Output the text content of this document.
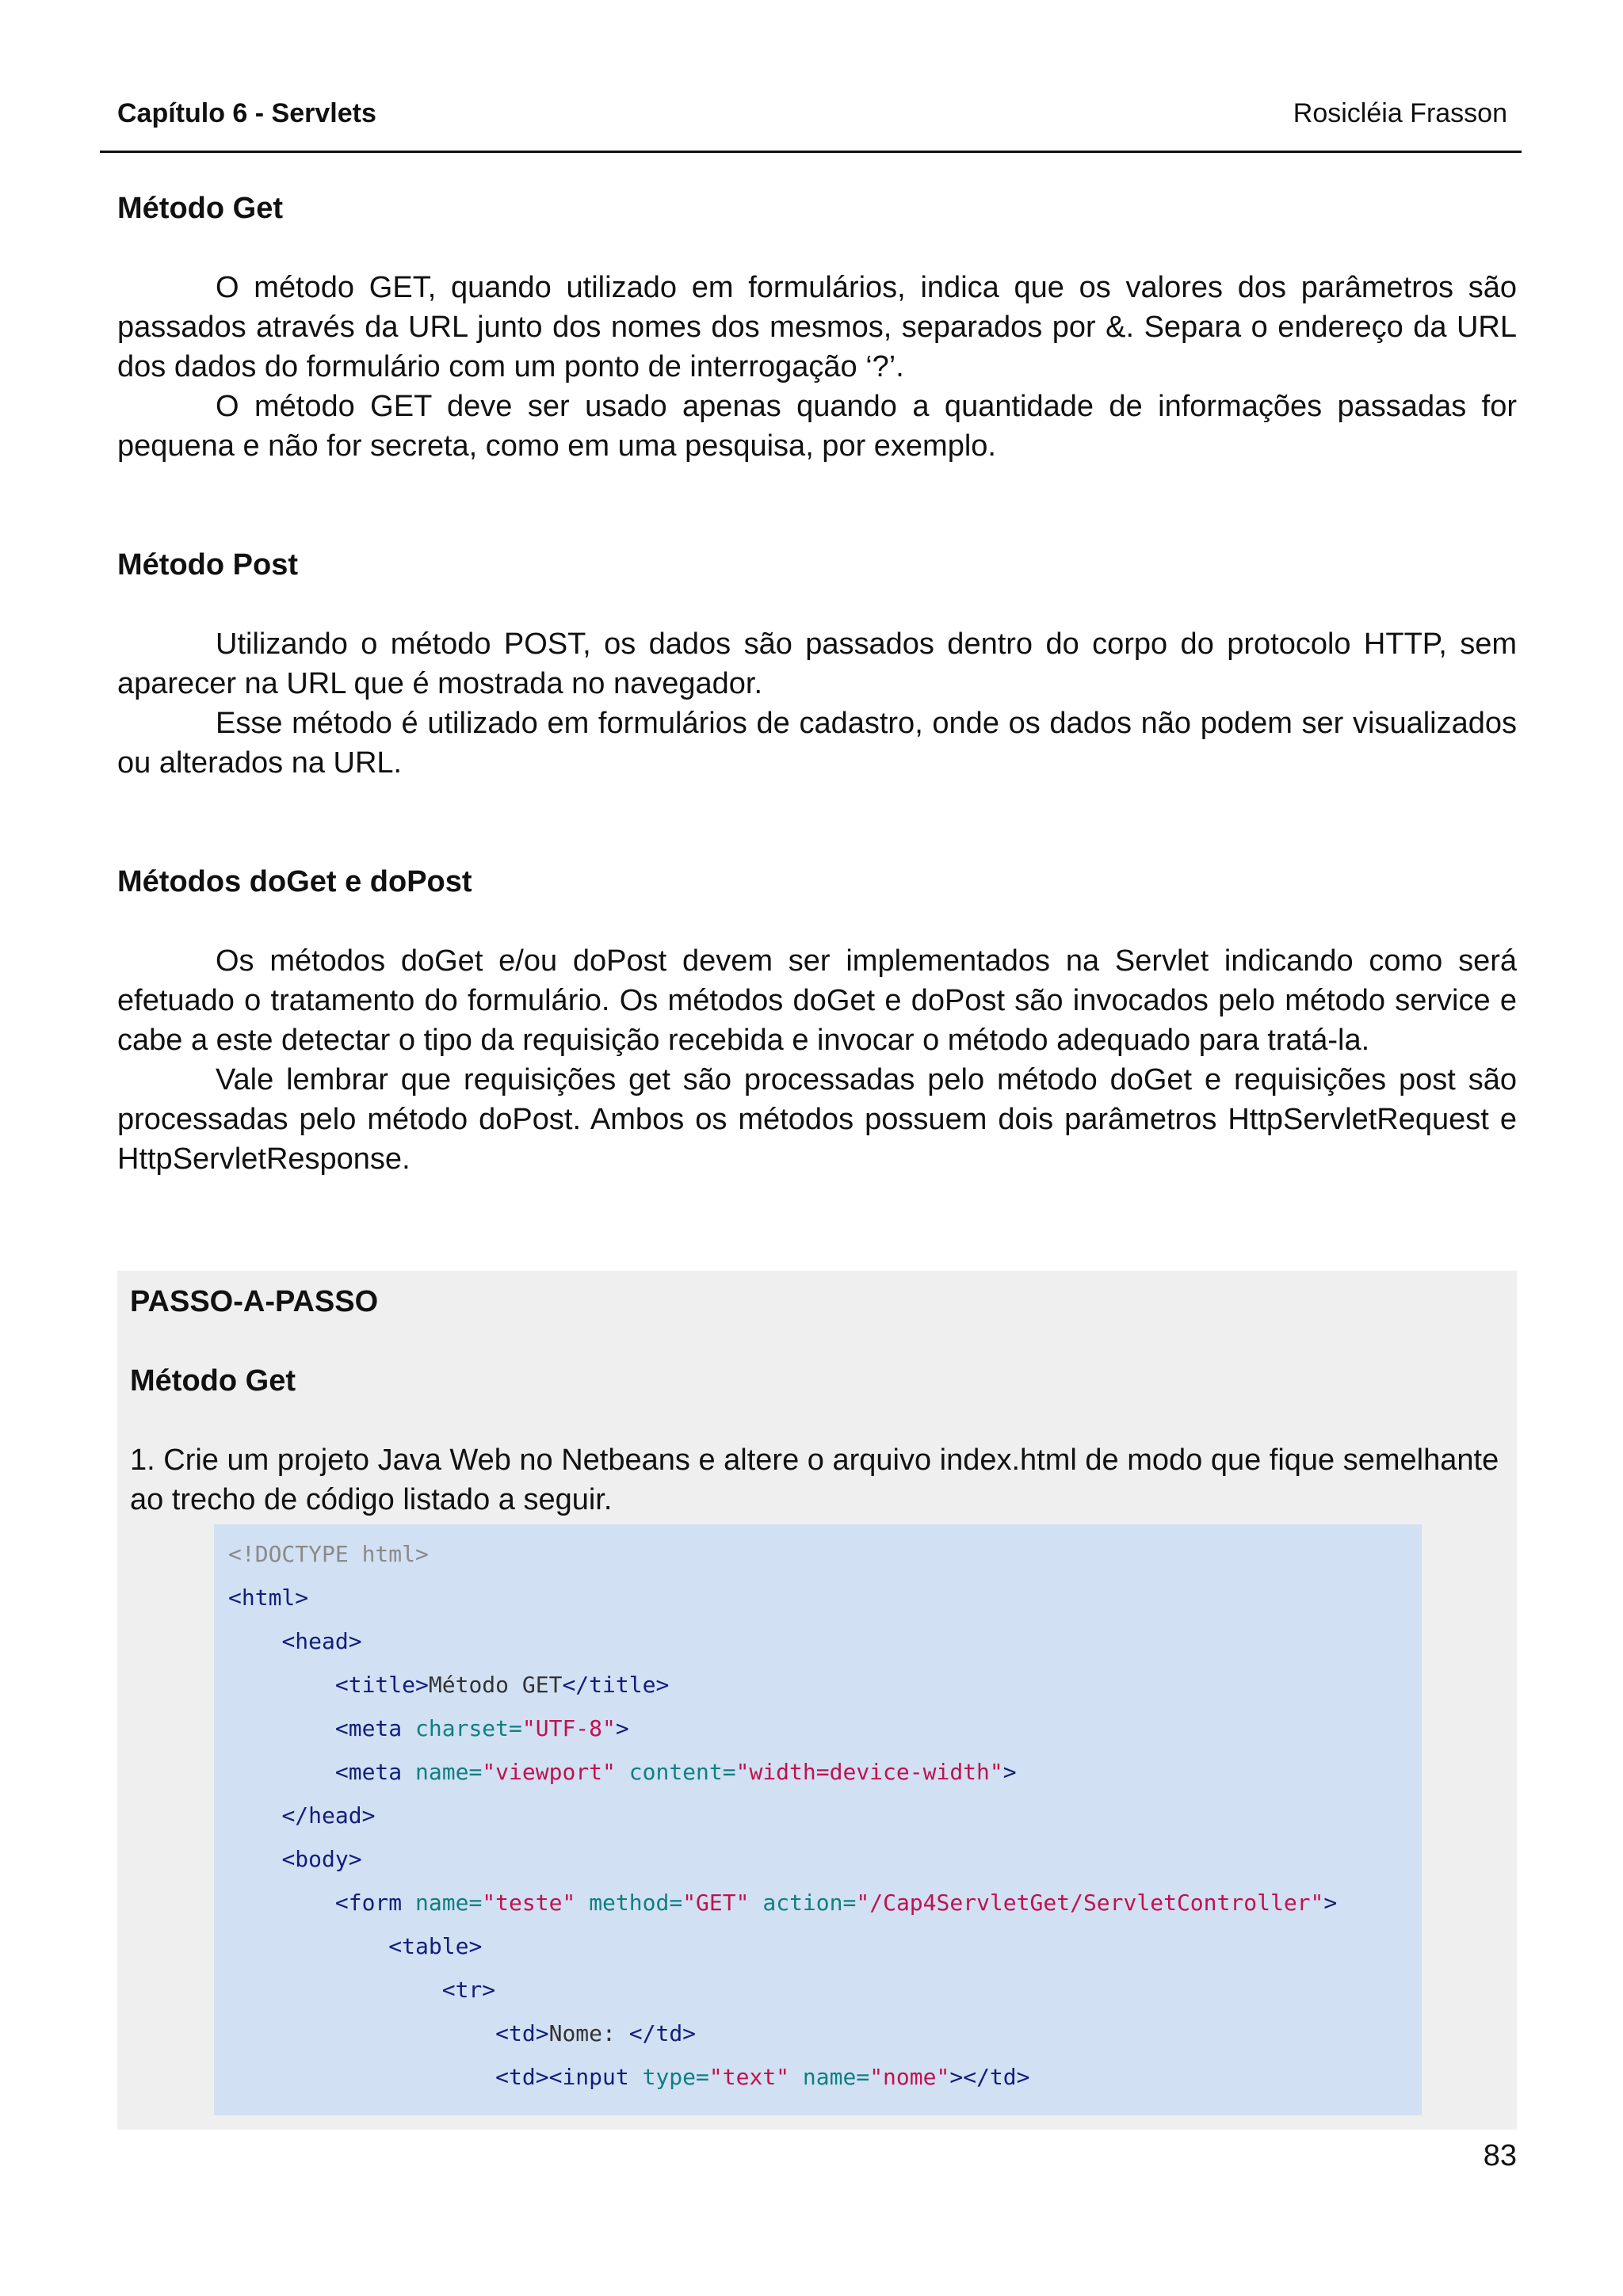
Capítulo 6 - Servlets	Rosicléia Frasson
Método Get

O método GET, quando utilizado em formulários, indica que os valores dos parâmetros são passados através da URL junto dos nomes dos mesmos, separados por &. Separa o endereço da URL dos dados do formulário com um ponto de interrogação ‘?’.

O método GET deve ser usado apenas quando a quantidade de informações passadas for pequena e não for secreta, como em uma pesquisa, por exemplo.

Método Post

Utilizando o método POST, os dados são passados dentro do corpo do protocolo HTTP, sem aparecer na URL que é mostrada no navegador.

Esse método é utilizado em formulários de cadastro, onde os dados não podem ser visualizados ou alterados na URL.

Métodos doGet e doPost

Os métodos doGet e/ou doPost devem ser implementados na Servlet indicando como será efetuado o tratamento do formulário. Os métodos doGet e doPost são invocados pelo método service e cabe a este detectar o tipo da requisição recebida e invocar o método adequado para tratá-la.

Vale lembrar que requisições get são processadas pelo método doGet e requisições post são processadas pelo método doPost. Ambos os métodos possuem dois parâmetros HttpServletRequest e HttpServletResponse.

PASSO-A-PASSO

Método Get

1. Crie um projeto Java Web no Netbeans e altere o arquivo index.html de modo que fique semelhante ao trecho de código listado a seguir.

<!DOCTYPE html>
<html>
<head>
<title>Método GET</title>
<meta charset="UTF-8">
<meta name="viewport" content="width=device-width">
</head>
<body>
<form name="teste" method="GET" action="/Cap4ServletGet/ServletController">
<table>
<tr>
<td>Nome: </td>
<td><input type="text" name="nome"></td>
83
